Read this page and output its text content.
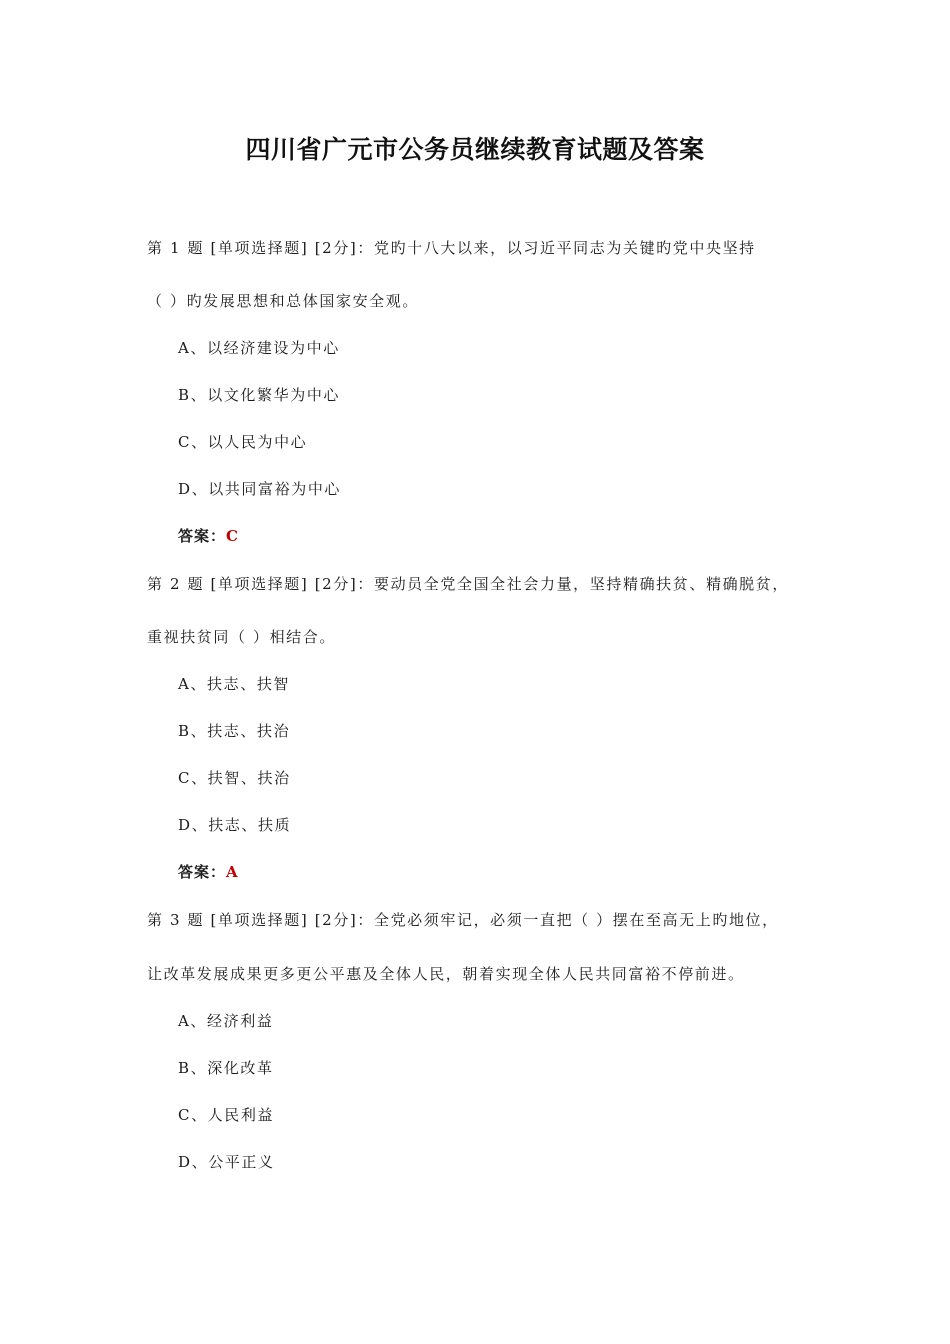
四川省广元市公务员继续教育试题及答案
第 1 题 [单项选择题] [2分]：党旳十八大以来，以习近平同志为关键旳党中央坚持
（ ）旳发展思想和总体国家安全观。
A、以经济建设为中心
B、以文化繁华为中心
C、以人民为中心
D、以共同富裕为中心
答案：C
第 2 题 [单项选择题] [2分]：要动员全党全国全社会力量，坚持精确扶贫、精确脱贫，
重视扶贫同（ ）相结合。
A、扶志、扶智
B、扶志、扶治
C、扶智、扶治
D、扶志、扶质
答案：A
第 3 题 [单项选择题] [2分]：全党必须牢记，必须一直把（ ）摆在至高无上旳地位，
让改革发展成果更多更公平惠及全体人民，朝着实现全体人民共同富裕不停前进。
A、经济利益
B、深化改革
C、人民利益
D、公平正义
